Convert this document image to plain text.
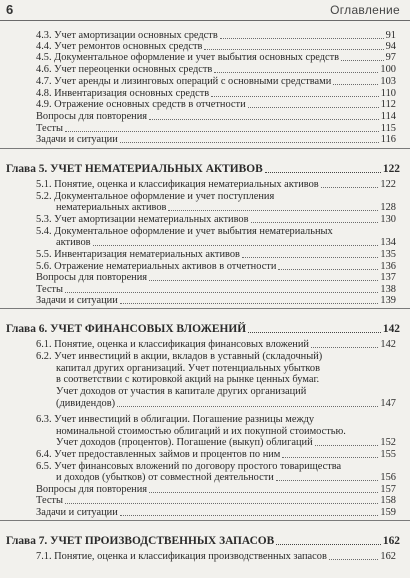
6	Оглавление
4.3. Учет амортизации основных средств	91
4.4. Учет ремонтов основных средств	94
4.5. Документальное оформление и учет выбытия основных средств	97
4.6. Учет переоценки основных средств	100
4.7. Учет аренды и лизинговых операций с основными средствами	103
4.8. Инвентаризация основных средств	110
4.9. Отражение основных средств в отчетности	112
Вопросы для повторения	114
Тесты	115
Задачи и ситуации	116
Глава 5. УЧЕТ НЕМАТЕРИАЛЬНЫХ АКТИВОВ	122
5.1. Понятие, оценка и классификация нематериальных активов	122
5.2. Документальное оформление и учет поступления
нематериальных активов	128
5.3. Учет амортизации нематериальных активов	130
5.4. Документальное оформление и учет выбытия нематериальных
активов	134
5.5. Инвентаризация нематериальных активов	135
5.6. Отражение нематериальных активов в отчетности	136
Вопросы для повторения	137
Тесты	138
Задачи и ситуации	139
Глава 6. УЧЕТ ФИНАНСОВЫХ ВЛОЖЕНИЙ	142
6.1. Понятие, оценка и классификация финансовых вложений	142
6.2. Учет инвестиций в акции, вкладов в уставный (складочный)
капитал других организаций. Учет потенциальных убытков
в соответствии с котировкой акций на рынке ценных бумаг.
Учет доходов от участия в капитале других организаций
(дивидендов)	147
6.3. Учет инвестиций в облигации. Погашение разницы между
номинальной стоимостью облигаций и их покупной стоимостью.
Учет доходов (процентов). Погашение (выкуп) облигаций	152
6.4. Учет предоставленных займов и процентов по ним	155
6.5. Учет финансовых вложений по договору простого товарищества
и доходов (убытков) от совместной деятельности	156
Вопросы для повторения	157
Тесты	158
Задачи и ситуации	159
Глава 7. УЧЕТ ПРОИЗВОДСТВЕННЫХ ЗАПАСОВ	162
7.1. Понятие, оценка и классификация производственных запасов	162
